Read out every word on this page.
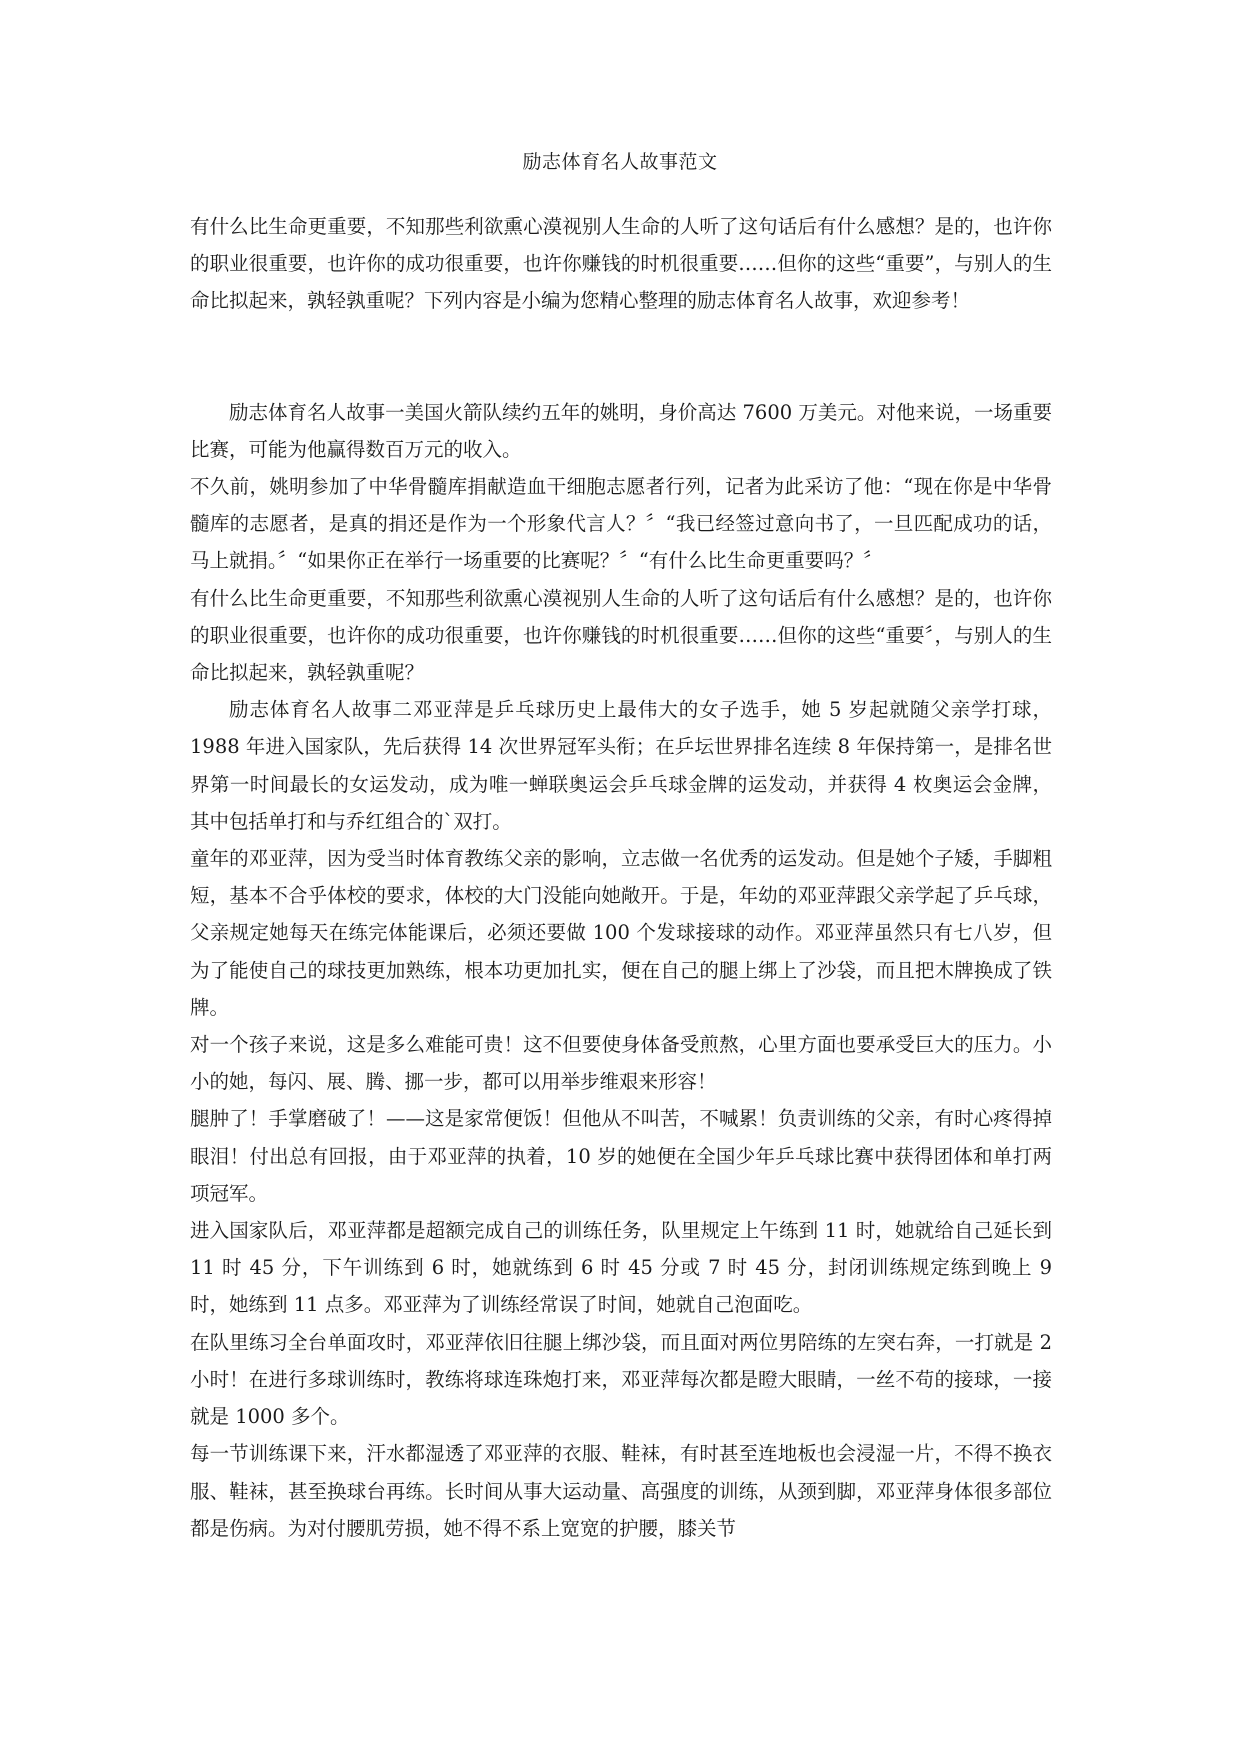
励志体育名人故事范文

有什么比生命更重要，不知那些利欲熏心漠视别人生命的人听了这句话后有什么感想？是的，也许你的职业很重要，也许你的成功很重要，也许你赚钱的时机很重要……但你的这些“重要”，与别人的生命比拟起来，孰轻孰重呢？下列内容是小编为您精心整理的励志体育名人故事，欢迎参考！

励志体育名人故事一美国火箭队续约五年的姚明，身价高达 7600 万美元。对他来说，一场重要比赛，可能为他赢得数百万元的收入。

不久前，姚明参加了中华骨髓库捐献造血干细胞志愿者行列，记者为此采访了他：“现在你是中华骨髓库的志愿者，是真的捐还是作为一个形象代言人？〞“我已经签过意向书了，一旦匹配成功的话，马上就捐。〞“如果你正在举行一场重要的比赛呢？〞“有什么比生命更重要吗？〞

有什么比生命更重要，不知那些利欲熏心漠视别人生命的人听了这句话后有什么感想？是的，也许你的职业很重要，也许你的成功很重要，也许你赚钱的时机很重要……但你的这些“重要〞，与别人的生命比拟起来，孰轻孰重呢？

励志体育名人故事二邓亚萍是乒乓球历史上最伟大的女子选手，她 5 岁起就随父亲学打球，1988 年进入国家队，先后获得 14 次世界冠军头衔；在乒坛世界排名连续 8 年保持第一，是排名世界第一时间最长的女运发动，成为唯一蝉联奥运会乒乓球金牌的运发动，并获得 4 枚奥运会金牌，其中包括单打和与乔红组合的`双打。

童年的邓亚萍，因为受当时体育教练父亲的影响，立志做一名优秀的运发动。但是她个子矮，手脚粗短，基本不合乎体校的要求，体校的大门没能向她敞开。于是，年幼的邓亚萍跟父亲学起了乒乓球，父亲规定她每天在练完体能课后，必须还要做 100 个发球接球的动作。邓亚萍虽然只有七八岁，但为了能使自己的球技更加熟练，根本功更加扎实，便在自己的腿上绑上了沙袋，而且把木牌换成了铁牌。

对一个孩子来说，这是多么难能可贵！这不但要使身体备受煎熬，心里方面也要承受巨大的压力。小小的她，每闪、展、腾、挪一步，都可以用举步维艰来形容！

腿肿了！手掌磨破了！——这是家常便饭！但他从不叫苦，不喊累！负责训练的父亲，有时心疼得掉眼泪！付出总有回报，由于邓亚萍的执着，10 岁的她便在全国少年乒乓球比赛中获得团体和单打两项冠军。

进入国家队后，邓亚萍都是超额完成自己的训练任务，队里规定上午练到 11 时，她就给自己延长到 11 时 45 分，下午训练到 6 时，她就练到 6 时 45 分或 7 时 45 分，封闭训练规定练到晚上 9 时，她练到 11 点多。邓亚萍为了训练经常误了时间，她就自己泡面吃。

在队里练习全台单面攻时，邓亚萍依旧往腿上绑沙袋，而且面对两位男陪练的左突右奔，一打就是 2 小时！在进行多球训练时，教练将球连珠炮打来，邓亚萍每次都是瞪大眼睛，一丝不苟的接球，一接就是 1000 多个。

每一节训练课下来，汗水都湿透了邓亚萍的衣服、鞋袜，有时甚至连地板也会浸湿一片，不得不换衣服、鞋袜，甚至换球台再练。长时间从事大运动量、高强度的训练，从颈到脚，邓亚萍身体很多部位都是伤病。为对付腰肌劳损，她不得不系上宽宽的护腰，膝关节
